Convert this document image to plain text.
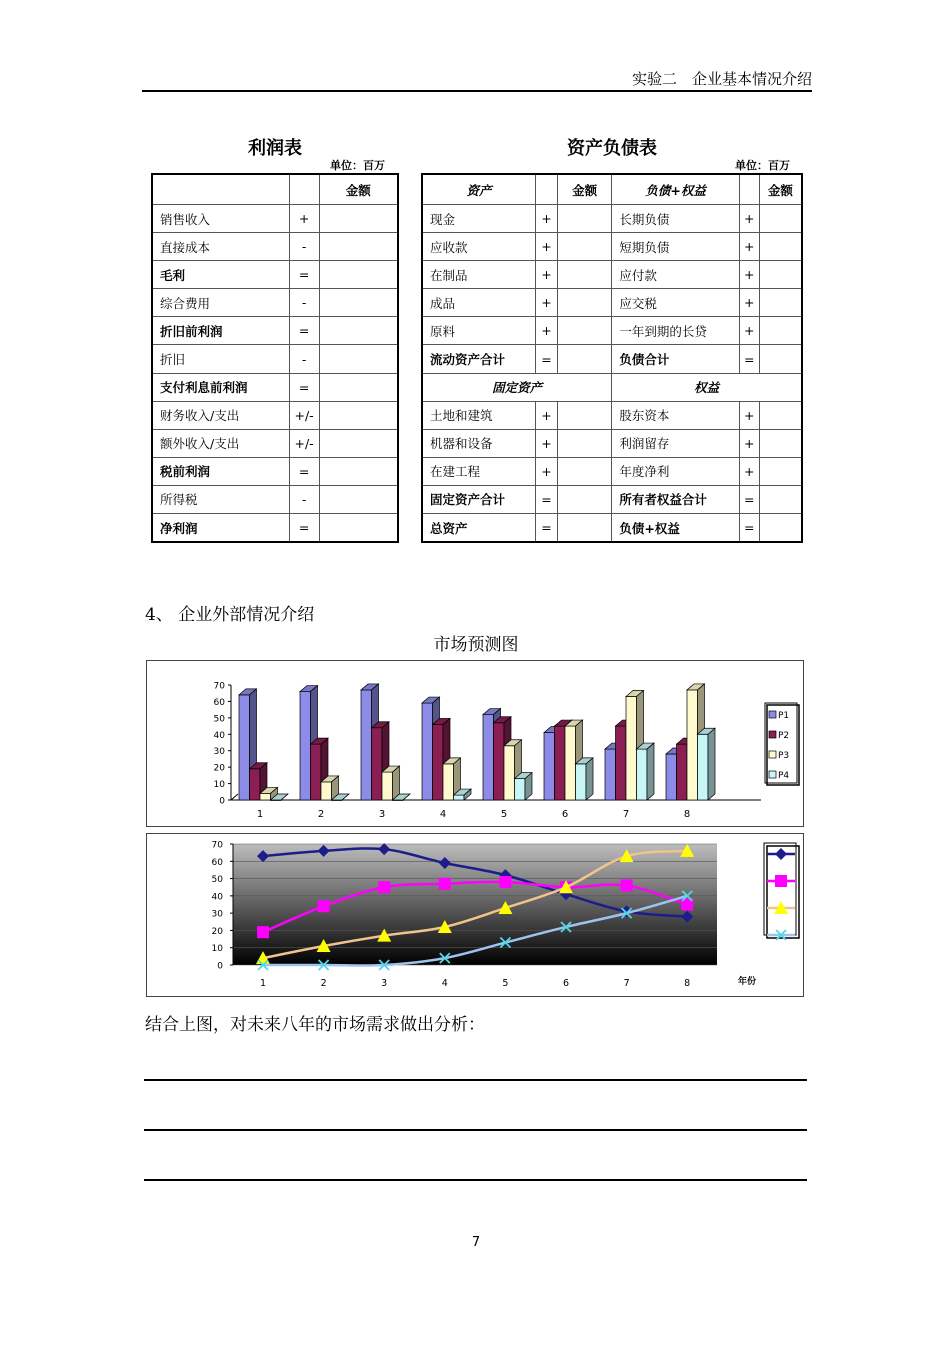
实验二　企业基本情况介绍
利润表
单位：百万
		金额
销售收入	+	
直接成本	-	
毛利	=	
综合费用	-	
折旧前利润	=	
折旧	-	
支付利息前利润	=	
财务收入/支出	+/-	
额外收入/支出	+/-	
税前利润	=	
所得税	-	
净利润	=	
资产负债表
单位：百万
资产		金额	负债+权益		金额
现金	+		长期负债	+	
应收款	+		短期负债	+	
在制品	+		应付款	+	
成品	+		应交税	+	
原料	+		一年到期的长贷	+	
流动资产合计	=		负债合计	=	
固定资产			权益		
土地和建筑	+		股东资本	+	
机器和设备	+		利润留存	+	
在建工程	+		年度净利	+	
固定资产合计	=		所有者权益合计	=	
总资产	=		负债+权益	=	
4、 企业外部情况介绍
市场预测图
0
10
20
30
40
50
60
70
1	2	3	4	5	6	7	8
P1
P2
P3
P4
0
10
20
30
40
50
60
70
1	2	3	4	5	6	7	8	年份
结合上图，对未来八年的市场需求做出分析：
7
